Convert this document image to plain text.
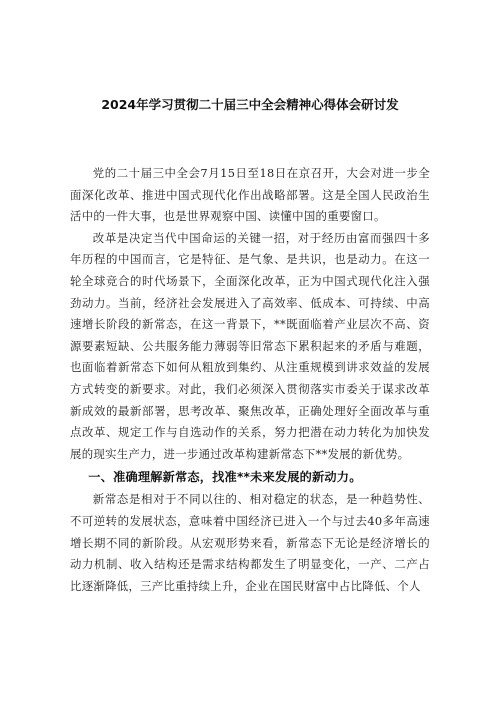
2024年学习贯彻二十届三中全会精神心得体会研讨发

党的二十届三中全会7月15日至18日在京召开，大会对进一步全面深化改革、推进中国式现代化作出战略部署。这是全国人民政治生活中的一件大事，也是世界观察中国、读懂中国的重要窗口。

改革是决定当代中国命运的关键一招，对于经历由富而强四十多年历程的中国而言，它是特征、是气象、是共识，也是动力。在这一轮全球竞合的时代场景下，全面深化改革，正为中国式现代化注入强劲动力。当前，经济社会发展进入了高效率、低成本、可持续、中高速增长阶段的新常态，在这一背景下，**既面临着产业层次不高、资源要素短缺、公共服务能力薄弱等旧常态下累积起来的矛盾与难题，也面临着新常态下如何从粗放到集约、从注重规模到讲求效益的发展方式转变的新要求。对此，我们必须深入贯彻落实市委关于谋求改革新成效的最新部署，思考改革、聚焦改革，正确处理好全面改革与重点改革、规定工作与自选动作的关系，努力把潜在动力转化为加快发展的现实生产力，进一步通过改革构建新常态下**发展的新优势。

一、准确理解新常态，找准**未来发展的新动力。

新常态是相对于不同以往的、相对稳定的状态，是一种趋势性、不可逆转的发展状态，意味着中国经济已进入一个与过去40多年高速增长期不同的新阶段。从宏观形势来看，新常态下无论是经济增长的动力机制、收入结构还是需求结构都发生了明显变化，一产、二产占比逐渐降低，三产比重持续上升，企业在国民财富中占比降低、个人
